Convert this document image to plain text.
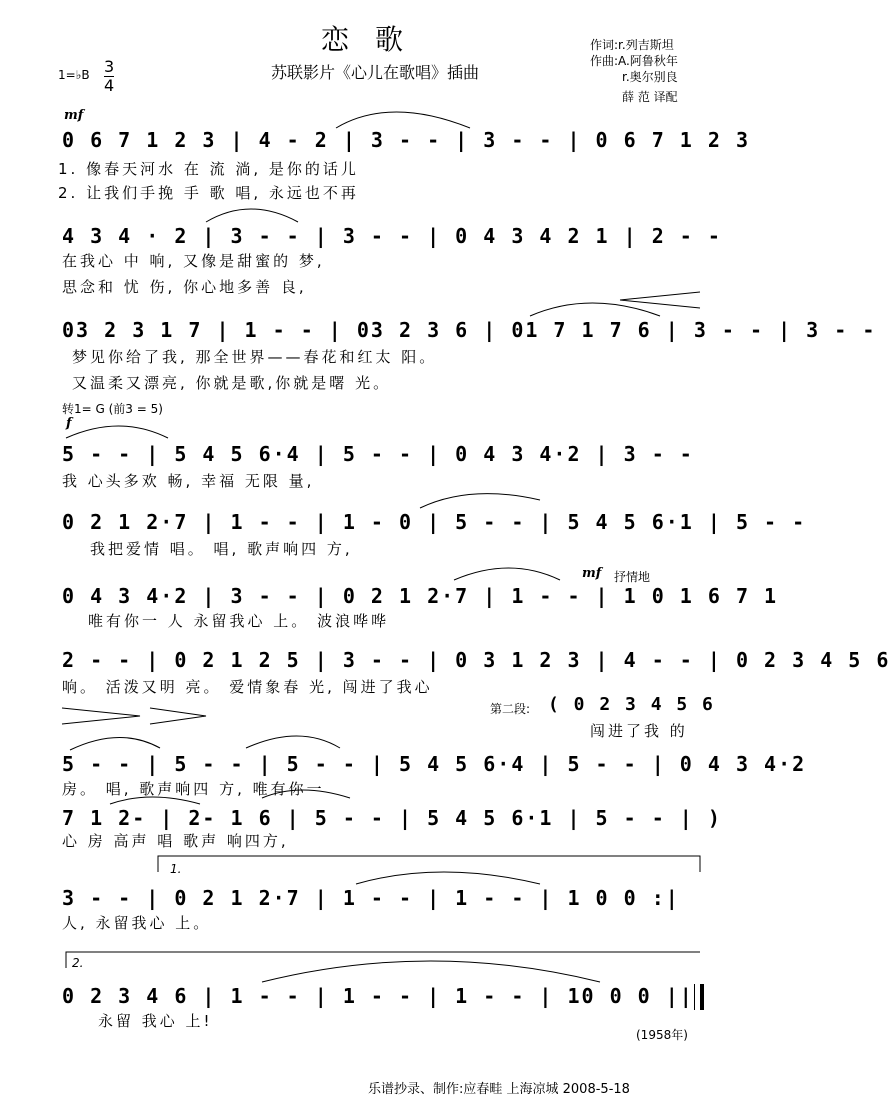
恋歌
苏联影片《心儿在歌唱》插曲
作词:r.列吉斯坦
作曲:A.阿鲁秋年
r.奥尔别良
薛 范 译配
1=♭B 3
4
mf
0 6 7 1 2 3 | 4 - 2 | 3 - - | 3 - - | 0 6 7 1 2 3
1. 像春天河水 在 流 淌, 是你的话儿
2. 让我们手挽 手 歌 唱, 永远也不再
4 3 4 · 2 | 3 - - | 3 - - | 0 4 3 4 2 1 | 2 - -
在我心 中 响, 又像是甜蜜的 梦,
思念和 忧 伤, 你心地多善 良,
03 2 3 1 7 | 1 - - | 03 2 3 6 | 01 7 1 7 6 | 3 - - | 3 - -
梦见你给了我, 那全世界——春花和红太 阳。
又温柔又漂亮, 你就是歌,你就是曙 光。
转1= G (前3 = 5)
f
5 - - | 5 4 5 6·4 | 5 - - | 0 4 3 4·2 | 3 - -
我 心头多欢 畅, 幸福 无限 量,
0 2 1 2·7 | 1 - - | 1 - 0 | 5 - - | 5 4 5 6·1 | 5 - -
我把爱情 唱。 唱, 歌声响四 方,
抒情地
mf
0 4 3 4·2 | 3 - - | 0 2 1 2·7 | 1 - - | 1 0 1 6 7 1
唯有你一 人 永留我心 上。 波浪哗哗
2 - - | 0 2 1 2 5 | 3 - - | 0 3 1 2 3 | 4 - - | 0 2 3 4 5 6
响。 活泼又明 亮。 爱情象春 光, 闯进了我心
第二段: ( 0 2 3 4 5 6
闯进了我 的
5 - - | 5 - - | 5 - - | 5 4 5 6·4 | 5 - - | 0 4 3 4·2
房。 唱, 歌声响四 方, 唯有你一
7 1 2- | 2- 1 6 | 5 - - | 5 4 5 6·1 | 5 - - | )
心 房 高声 唱 歌声 响四方,
1.
3 - - | 0 2 1 2·7 | 1 - - | 1 - - | 1 0 0 :|
人, 永留我心 上。
2.
0 2 3 4 6 | 1 - - | 1 - - | 1 - - | 10 0 0 ||
永留 我心 上!
(1958年)
乐谱抄录、制作:应春畦 上海凉城 2008-5-18
